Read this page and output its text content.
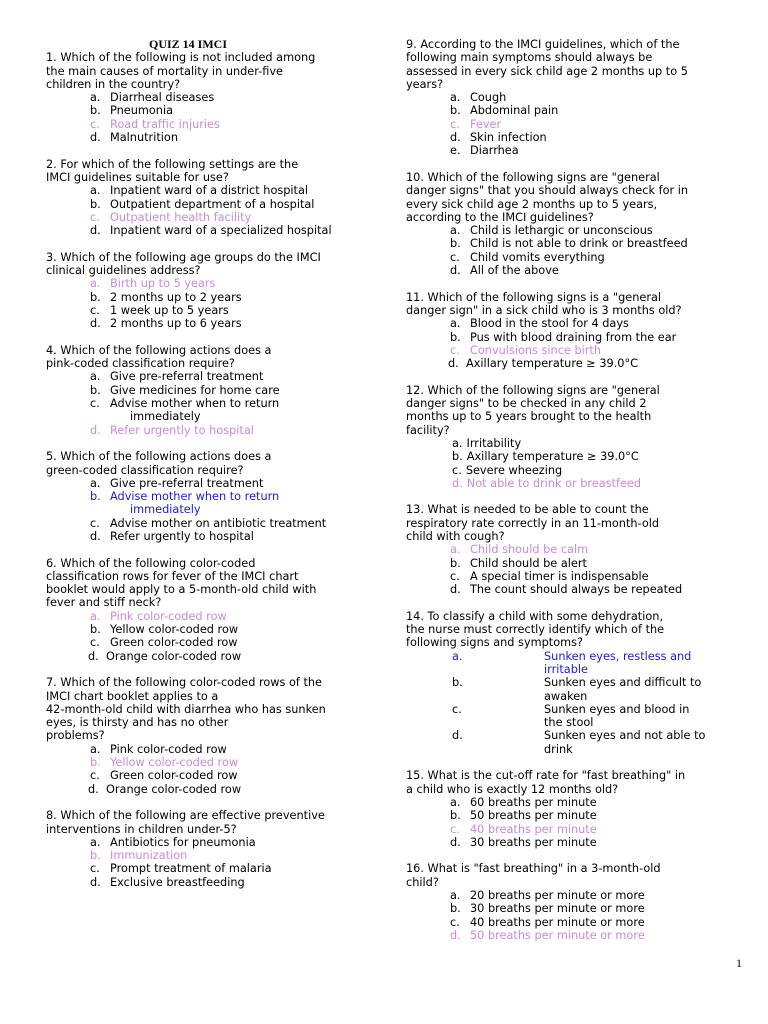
QUIZ 14 IMCI
1. Which of the following is not included among
the main causes of mortality in under-five
children in the country?
a. Diarrheal diseases
b. Pneumonia
c. Road traffic injuries
d. Malnutrition
2. For which of the following settings are the
IMCI guidelines suitable for use?
a. Inpatient ward of a district hospital
b. Outpatient department of a hospital
c. Outpatient health facility
d. Inpatient ward of a specialized hospital
3. Which of the following age groups do the IMCI
clinical guidelines address?
a. Birth up to 5 years
b. 2 months up to 2 years
c. 1 week up to 5 years
d. 2 months up to 6 years
4. Which of the following actions does a
pink-coded classification require?
a. Give pre-referral treatment
b. Give medicines for home care
c. Advise mother when to return
immediately
d. Refer urgently to hospital
5. Which of the following actions does a
green-coded classification require?
a. Give pre-referral treatment
b. Advise mother when to return
immediately
c. Advise mother on antibiotic treatment
d. Refer urgently to hospital
6. Which of the following color-coded
classification rows for fever of the IMCI chart
booklet would apply to a 5-month-old child with
fever and stiff neck?
a. Pink color-coded row
b. Yellow color-coded row
c. Green color-coded row
d. Orange color-coded row
7. Which of the following color-coded rows of the
IMCI chart booklet applies to a
42-month-old child with diarrhea who has sunken
eyes, is thirsty and has no other
problems?
a. Pink color-coded row
b. Yellow color-coded row
c. Green color-coded row
d. Orange color-coded row
8. Which of the following are effective preventive
interventions in children under-5?
a. Antibiotics for pneumonia
b. Immunization
c. Prompt treatment of malaria
d. Exclusive breastfeeding
9. According to the IMCI guidelines, which of the
following main symptoms should always be
assessed in every sick child age 2 months up to 5
years?
a. Cough
b. Abdominal pain
c. Fever
d. Skin infection
e. Diarrhea
10. Which of the following signs are "general
danger signs" that you should always check for in
every sick child age 2 months up to 5 years,
according to the IMCI guidelines?
a. Child is lethargic or unconscious
b. Child is not able to drink or breastfeed
c. Child vomits everything
d. All of the above
11. Which of the following signs is a "general
danger sign" in a sick child who is 3 months old?
a. Blood in the stool for 4 days
b. Pus with blood draining from the ear
c. Convulsions since birth
d. Axillary temperature ≥ 39.0°C
12. Which of the following signs are "general
danger signs" to be checked in any child 2
months up to 5 years brought to the health
facility?
a. Irritability
b. Axillary temperature ≥ 39.0°C
c. Severe wheezing
d. Not able to drink or breastfeed
13. What is needed to be able to count the
respiratory rate correctly in an 11-month-old
child with cough?
a. Child should be calm
b. Child should be alert
c. A special timer is indispensable
d. The count should always be repeated
14. To classify a child with some dehydration,
the nurse must correctly identify which of the
following signs and symptoms?
a.	Sunken eyes, restless and
irritable
b.	Sunken eyes and difficult to
awaken
c.	Sunken eyes and blood in
the stool
d.	Sunken eyes and not able to
drink
15. What is the cut-off rate for "fast breathing" in
a child who is exactly 12 months old?
a. 60 breaths per minute
b. 50 breaths per minute
c. 40 breaths per minute
d. 30 breaths per minute
16. What is "fast breathing" in a 3-month-old
child?
a. 20 breaths per minute or more
b. 30 breaths per minute or more
c. 40 breaths per minute or more
d. 50 breaths per minute or more
1
